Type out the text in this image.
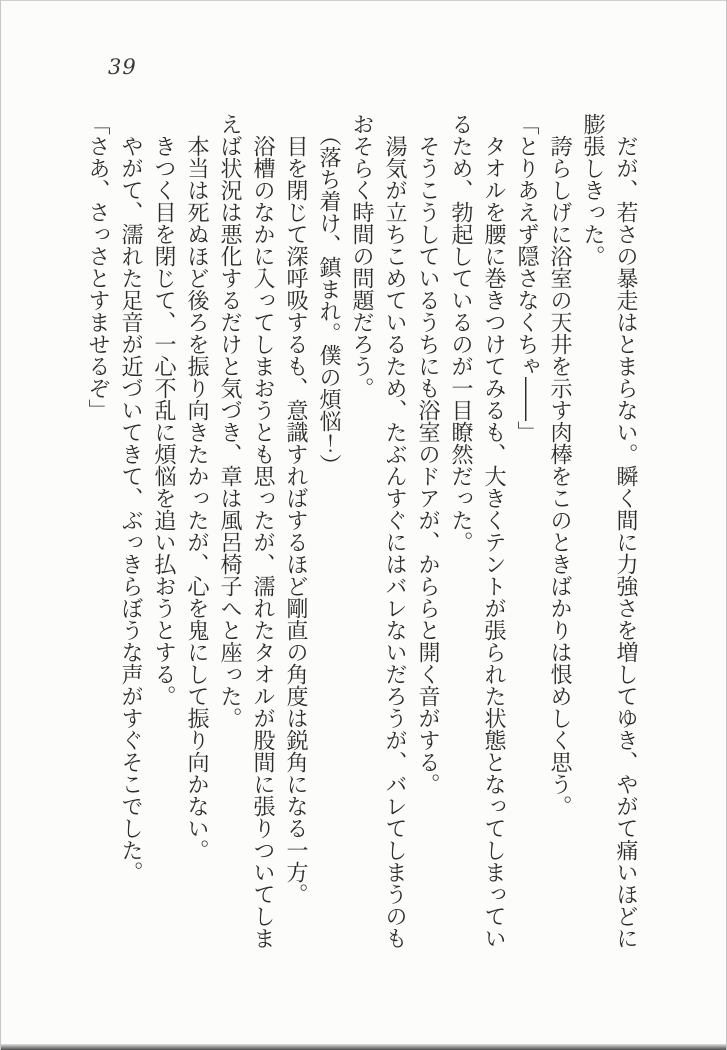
39
　だが、若さの暴走はとまらない。瞬く間に力強さを増してゆき、やがて痛いほどに
膨張しきった。
　誇らしげに浴室の天井を示す肉棒をこのときばかりは恨めしく思う。
「とりあえず隠さなくちゃ――」
　タオルを腰に巻きつけてみるも、大きくテントが張られた状態となってしまってい
るため、勃起しているのが一目瞭然だった。
　そうこうしているうちにも浴室のドアが、かららと開く音がする。
　湯気が立ちこめているため、たぶんすぐにはバレないだろうが、バレてしまうのも
おそらく時間の問題だろう。
　（落ち着け、鎮まれ。僕の煩悩！）
　目を閉じて深呼吸するも、意識すればするほど剛直の角度は鋭角になる一方。
　浴槽のなかに入ってしまおうとも思ったが、濡れたタオルが股間に張りついてしま
えば状況は悪化するだけと気づき、章は風呂椅子へと座った。
　本当は死ぬほど後ろを振り向きたかったが、心を鬼にして振り向かない。
　きつく目を閉じて、一心不乱に煩悩を追い払おうとする。
　やがて、濡れた足音が近づいてきて、ぶっきらぼうな声がすぐそこでした。
「さあ、さっさとすませるぞ」
